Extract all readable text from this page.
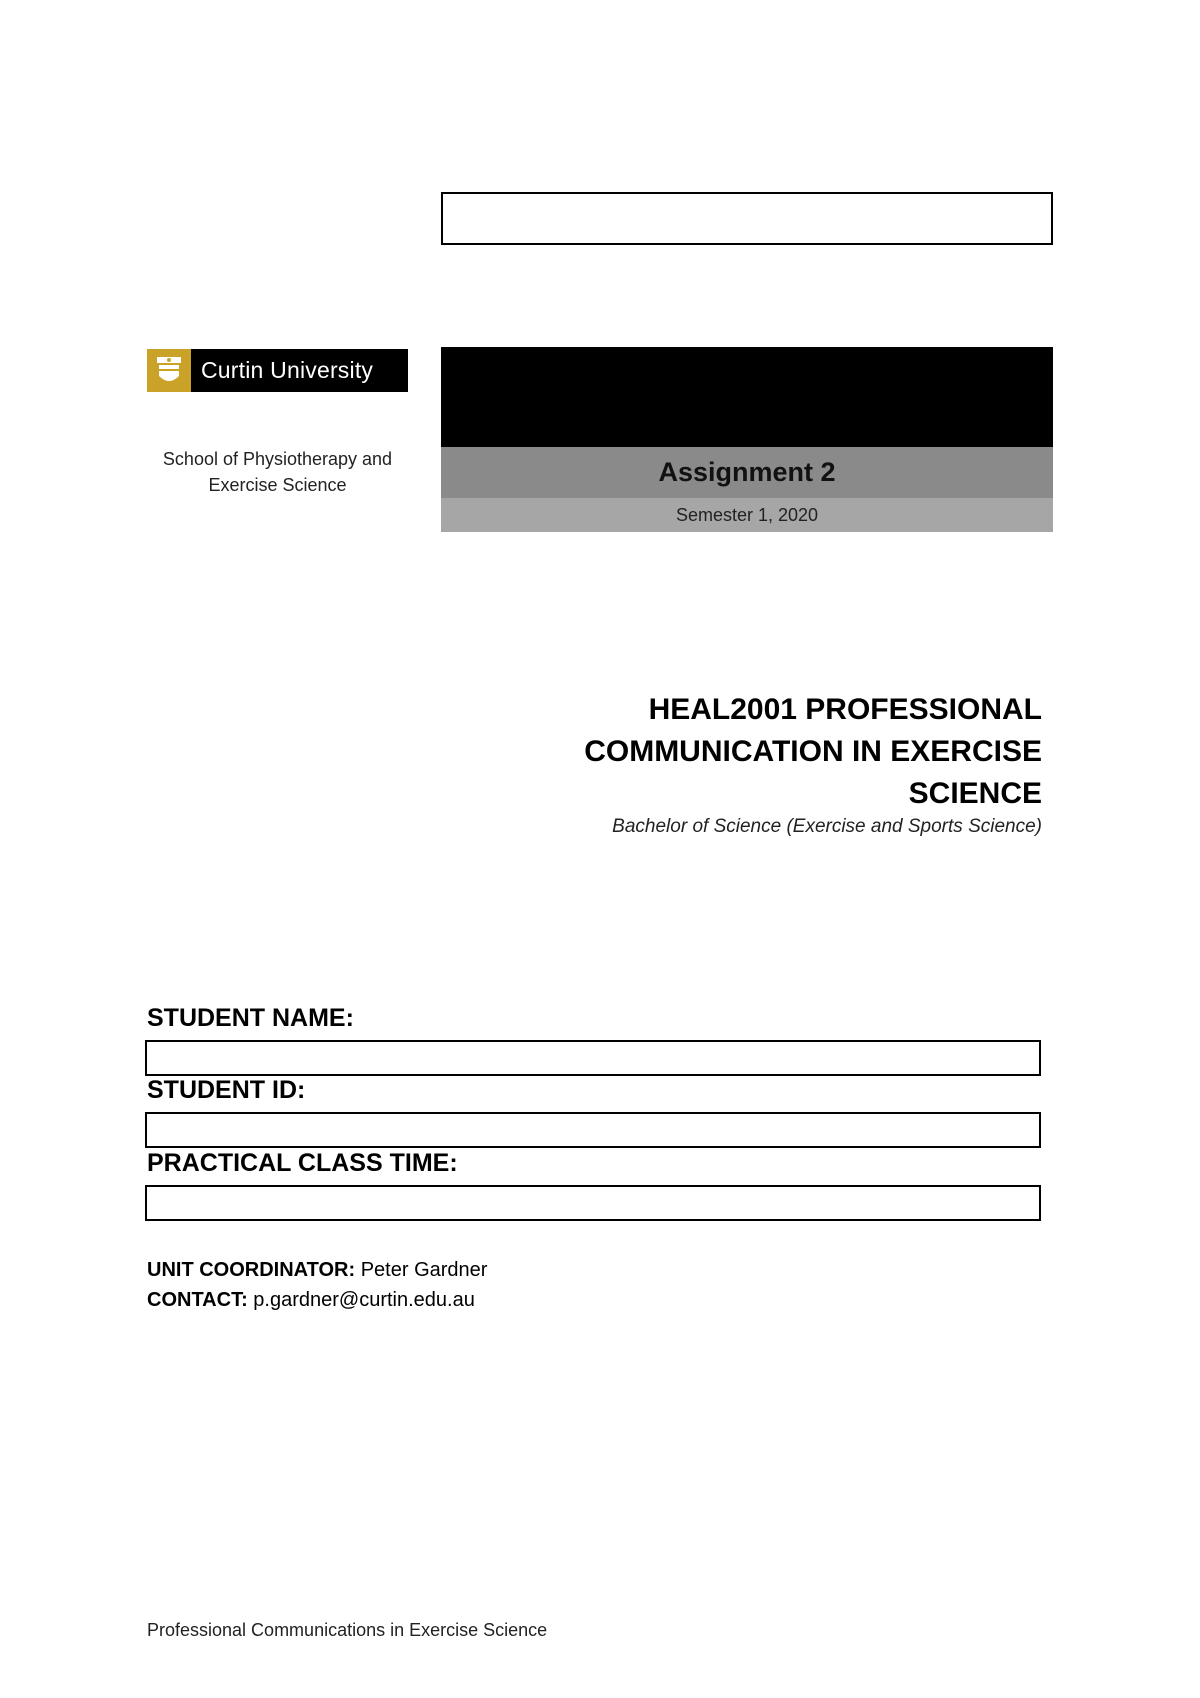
Curtin University
School of Physiotherapy and
Exercise Science	Assignment 2
Semester 1, 2020
HEAL2001 PROFESSIONAL
COMMUNICATION IN EXERCISE
SCIENCE
Bachelor of Science (Exercise and Sports Science)
STUDENT NAME:
STUDENT ID:
PRACTICAL CLASS TIME:
UNIT COORDINATOR: Peter Gardner
CONTACT: p.gardner@curtin.edu.au
Professional Communications in Exercise Science
